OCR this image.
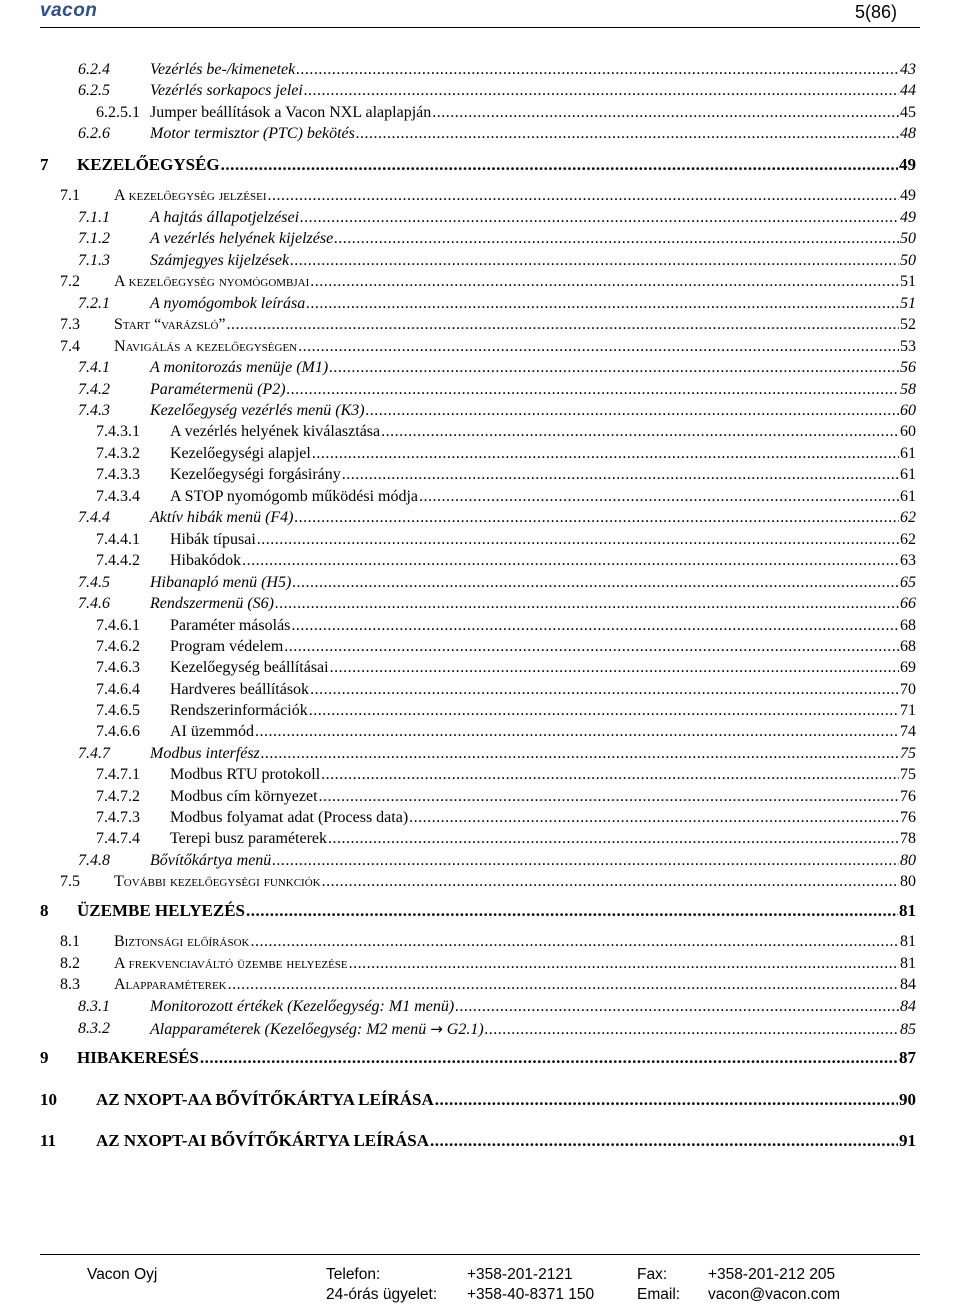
vacon	5(86)
6.2.4	Vezérlés be-/kimenetek .....	43
6.2.5	Vezérlés sorkapocs jelei .....	44
6.2.5.1 Jumper beállítások a Vacon NXL alaplapján .....	45
6.2.6	Motor termisztor (PTC) bekötés .....	48
7 KEZELŐEGYSÉG .....	49
7.1 A kezelőegység jelzései .....	49
7.1.1	A hajtás állapotjelzései .....	49
7.1.2	A vezérlés helyének kijelzése .....	50
7.1.3	Számjegyes kijelzések .....	50
7.2 A kezelőegység nyomógombjai .....	51
7.2.1	A nyomógombok leírása .....	51
7.3 Start “varázsló” .....	52
7.4 Navigálás a kezelőegységen .....	53
7.4.1	A monitorozás menüje (M1) .....	56
7.4.2	Paramétermenü (P2) .....	58
7.4.3	Kezelőegység vezérlés menü (K3) .....	60
7.4.3.1 A vezérlés helyének kiválasztása .....	60
7.4.3.2 Kezelőegységi alapjel .....	61
7.4.3.3 Kezelőegységi forgásirány .....	61
7.4.3.4 A STOP nyomógomb működési módja .....	61
7.4.4	Aktív hibák menü (F4) .....	62
7.4.4.1 Hibák típusai .....	62
7.4.4.2 Hibakódok .....	63
7.4.5	Hibanapló menü (H5) .....	65
7.4.6	Rendszermenü (S6) .....	66
7.4.6.1 Paraméter másolás .....	68
7.4.6.2 Program védelem .....	68
7.4.6.3 Kezelőegység beállításai .....	69
7.4.6.4 Hardveres beállítások .....	70
7.4.6.5 Rendszerinformációk .....	71
7.4.6.6 AI üzemmód .....	74
7.4.7	Modbus interfész .....	75
7.4.7.1 Modbus RTU protokoll .....	75
7.4.7.2 Modbus cím környezet .....	76
7.4.7.3 Modbus folyamat adat (Process data) .....	76
7.4.7.4 Terepi busz paraméterek .....	78
7.4.8	Bővítőkártya menü .....	80
7.5 További kezelőegységi funkciók .....	80
8 ÜZEMBE HELYEZÉS .....	81
8.1 Biztonsági előírások .....	81
8.2 A frekvenciaváltó üzembe helyezése .....	81
8.3 Alapparaméterek .....	84
8.3.1	Monitorozott értékek (Kezelőegység: M1 menü) .....	84
8.3.2	Alapparaméterek (Kezelőegység: M2 menü → G2.1) .....	85
9 HIBAKERESÉS .....	87
10 AZ NXOPT-AA BŐVÍTŐKÁRTYA LEÍRÁSA .....	90
11 AZ NXOPT-AI BŐVÍTŐKÁRTYA LEÍRÁSA .....	91
Vacon Oyj	Telefon:	+358-201-2121	Fax:	+358-201-212 205
24-órás ügyelet: +358-40-8371 150	Email: vacon@vacon.com
